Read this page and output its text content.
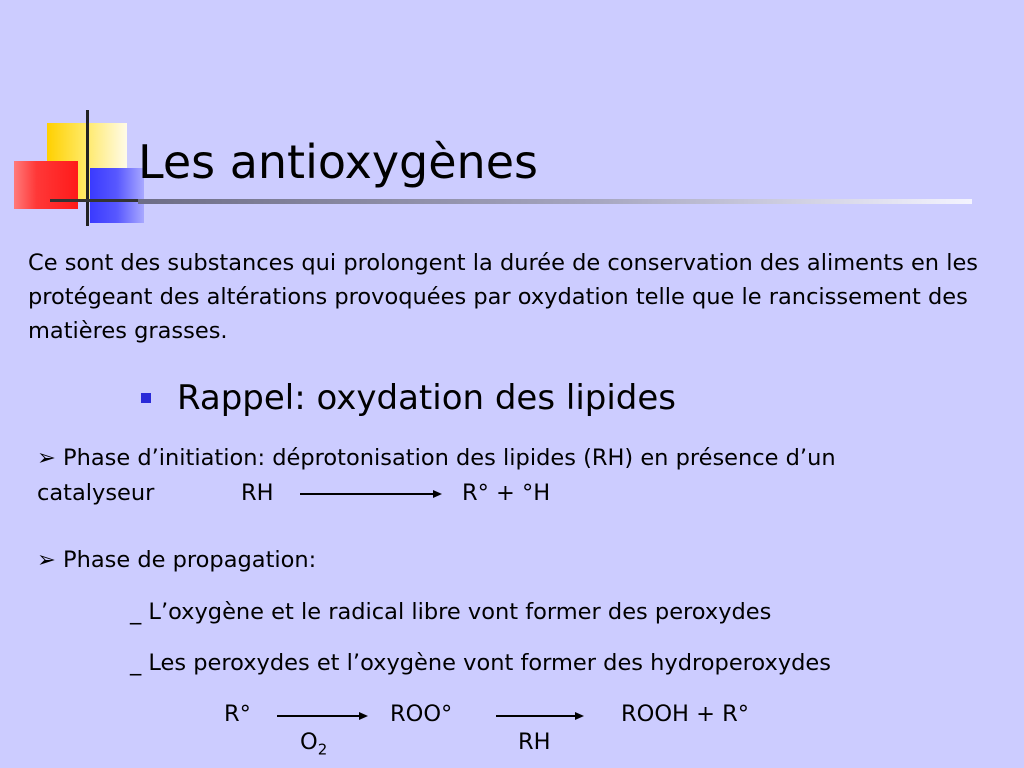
Les antioxygènes
Ce sont des substances qui prolongent la durée de conservation des aliments en les protégeant des altérations provoquées par oxydation telle que le rancissement des matières grasses.
Rappel: oxydation des lipides
➢ Phase d’initiation: déprotonisation des lipides (RH) en présence d’un
catalyseur	RH	R° + °H
➢ Phase de propagation:
_ L’oxygène et le radical libre vont former des peroxydes
_ Les peroxydes et l’oxygène vont former des hydroperoxydes
R°
$O_2$
ROO°
RH
ROOH + R°
